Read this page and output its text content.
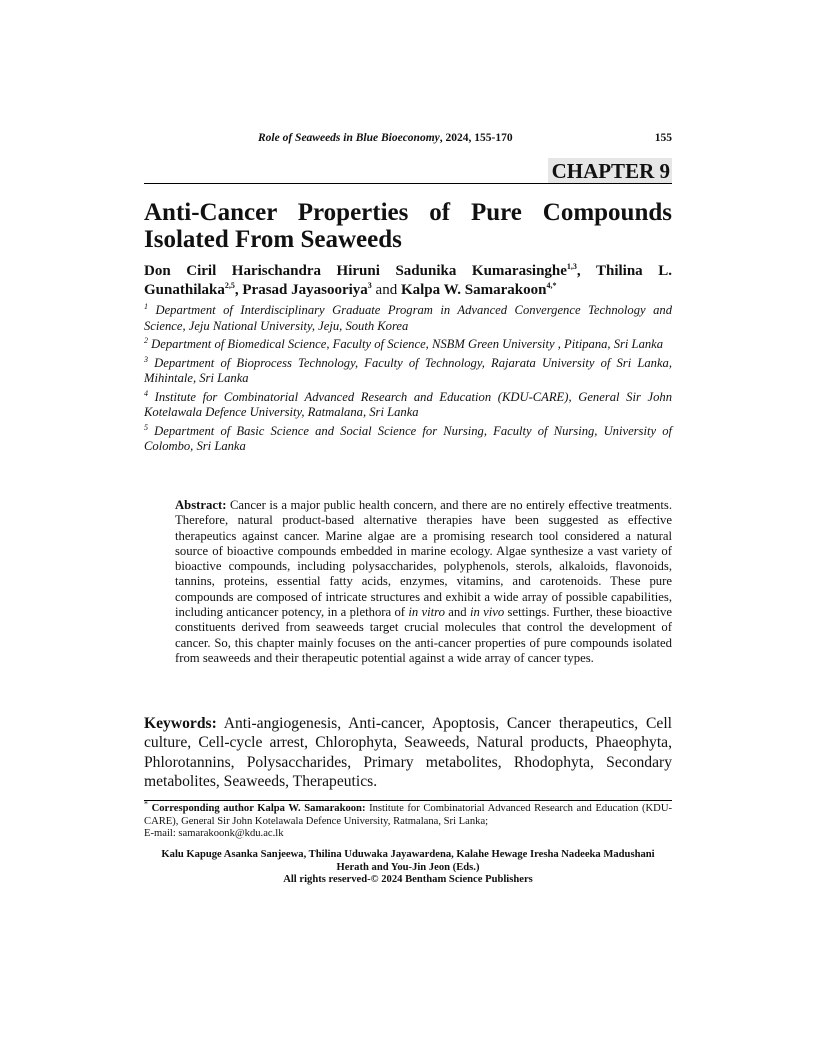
Role of Seaweeds in Blue Bioeconomy, 2024, 155-170	155
CHAPTER 9
Anti-Cancer Properties of Pure Compounds
Isolated From Seaweeds
Don Ciril Harischandra Hiruni Sadunika Kumarasinghe$^{1,3}$, Thilina L.
Gunathilaka$^{2,5}$, Prasad Jayasooriya$^3$ and Kalpa W. Samarakoon$^{4,*}$

$^1$ Department of Interdisciplinary Graduate Program in Advanced Convergence Technology and Science, Jeju National University, Jeju, South Korea

$^2$ Department of Biomedical Science, Faculty of Science, NSBM Green University , Pitipana, Sri Lanka

$^3$ Department of Bioprocess Technology, Faculty of Technology, Rajarata University of Sri Lanka, Mihintale, Sri Lanka

$^4$ Institute for Combinatorial Advanced Research and Education (KDU-CARE), General Sir John Kotelawala Defence University, Ratmalana, Sri Lanka

$^5$ Department of Basic Science and Social Science for Nursing, Faculty of Nursing, University of Colombo, Sri Lanka

Abstract: Cancer is a major public health concern, and there are no entirely effective treatments. Therefore, natural product-based alternative therapies have been suggested as effective therapeutics against cancer. Marine algae are a promising research tool considered a natural source of bioactive compounds embedded in marine ecology. Algae synthesize a vast variety of bioactive compounds, including polysaccharides, polyphenols, sterols, alkaloids, flavonoids, tannins, proteins, essential fatty acids, enzymes, vitamins, and carotenoids. These pure compounds are composed of intricate structures and exhibit a wide array of possible capabilities, including anticancer potency, in a plethora of in vitro and in vivo settings. Further, these bioactive constituents derived from seaweeds target crucial molecules that control the development of cancer. So, this chapter mainly focuses on the anti-cancer properties of pure compounds isolated from seaweeds and their therapeutic potential against a wide array of cancer types.
Keywords: Anti-angiogenesis, Anti-cancer, Apoptosis, Cancer therapeutics, Cell culture, Cell-cycle arrest, Chlorophyta, Seaweeds, Natural products, Phaeophyta, Phlorotannins, Polysaccharides, Primary metabolites, Rhodophyta, Secondary metabolites, Seaweeds, Therapeutics.
* Corresponding author Kalpa W. Samarakoon: Institute for Combinatorial Advanced Research and Education (KDU-CARE), General Sir John Kotelawala Defence University, Ratmalana, Sri Lanka;
E-mail: samarakoonk@kdu.ac.lk
Kalu Kapuge Asanka Sanjeewa, Thilina Uduwaka Jayawardena, Kalahe Hewage Iresha Nadeeka Madushani
Herath and You-Jin Jeon (Eds.)
All rights reserved-© 2024 Bentham Science Publishers
